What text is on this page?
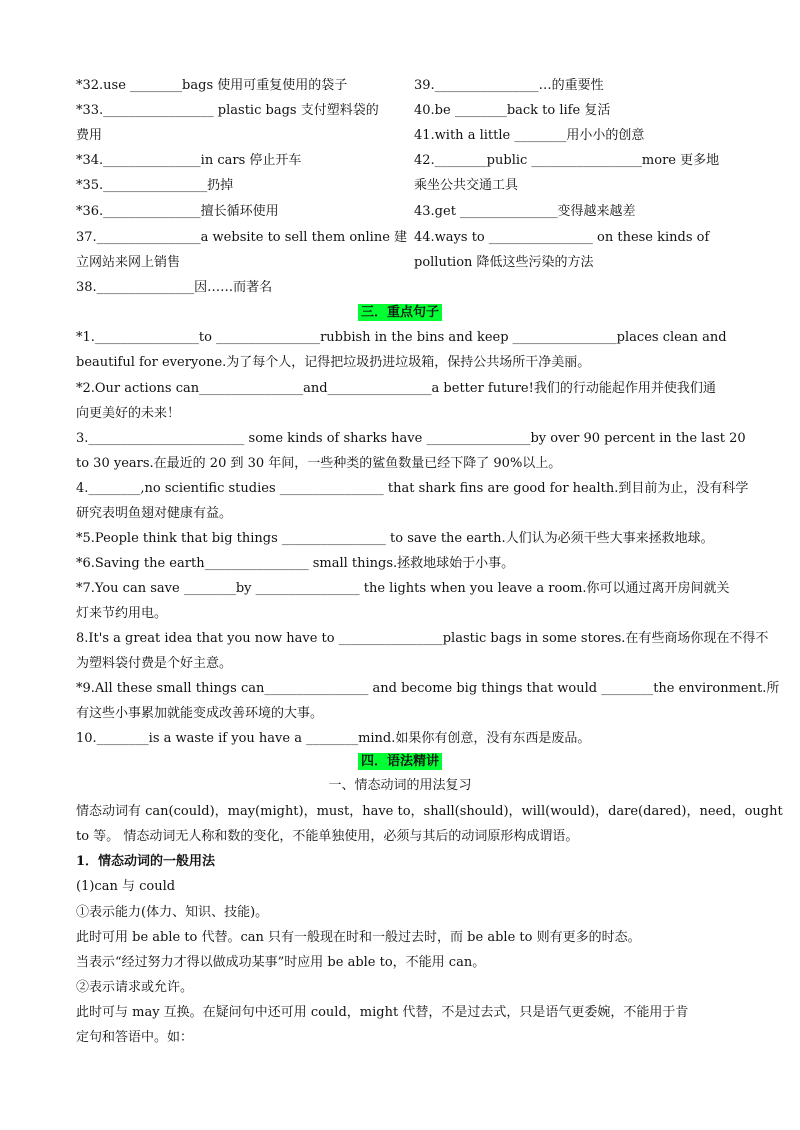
*32.use ________bags 使用可重复使用的袋子
*33._________________ plastic bags 支付塑料袋的
费用
*34._______________in cars 停止开车
*35.________________扔掉
*36._______________擅长循环使用
37.________________a website to sell them online 建
立网站来网上销售
38._______________因……而著名
39.________________…的重要性
40.be ________back to life 复活
41.with a little ________用小小的创意
42.________public _________________more 更多地
乘坐公共交通工具
43.get _______________变得越来越差
44.ways to ________________ on these kinds of
pollution 降低这些污染的方法
三．重点句子
*1.________________to ________________rubbish in the bins and keep ________________places clean and
beautiful for everyone.为了每个人，记得把垃圾扔进垃圾箱，保持公共场所干净美丽。
*2.Our actions can________________and________________a better future!我们的行动能起作用并使我们通
向更美好的未来！
3.________________________ some kinds of sharks have ________________by over 90 percent in the last 20
to 30 years.在最近的 20 到 30 年间，一些种类的鲨鱼数量已经下降了 90%以上。
4.________,no scientific studies ________________ that shark fins are good for health.到目前为止，没有科学
研究表明鱼翅对健康有益。
*5.People think that big things ________________ to save the earth.人们认为必须干些大事来拯救地球。
*6.Saving the earth________________ small things.拯救地球始于小事。
*7.You can save ________by ________________ the lights when you leave a room.你可以通过离开房间就关
灯来节约用电。
8.It's a great idea that you now have to ________________plastic bags in some stores.在有些商场你现在不得不
为塑料袋付费是个好主意。
*9.All these small things can________________ and become big things that would ________the environment.所
有这些小事累加就能变成改善环境的大事。
10.________is a waste if you have a ________mind.如果你有创意，没有东西是废品。
四．语法精讲
一、情态动词的用法复习
情态动词有 can(could)，may(might)，must，have to，shall(should)，will(would)，dare(dared)，need，ought
to 等。 情态动词无人称和数的变化，不能单独使用，必须与其后的动词原形构成谓语。
1．情态动词的一般用法
(1)can 与 could
①表示能力(体力、知识、技能)。
此时可用 be able to 代替。can 只有一般现在时和一般过去时，而 be able to 则有更多的时态。
当表示“经过努力才得以做成功某事”时应用 be able to，不能用 can。
②表示请求或允许。
此时可与 may 互换。在疑问句中还可用 could，might 代替，不是过去式，只是语气更委婉，不能用于肯
定句和答语中。如：
